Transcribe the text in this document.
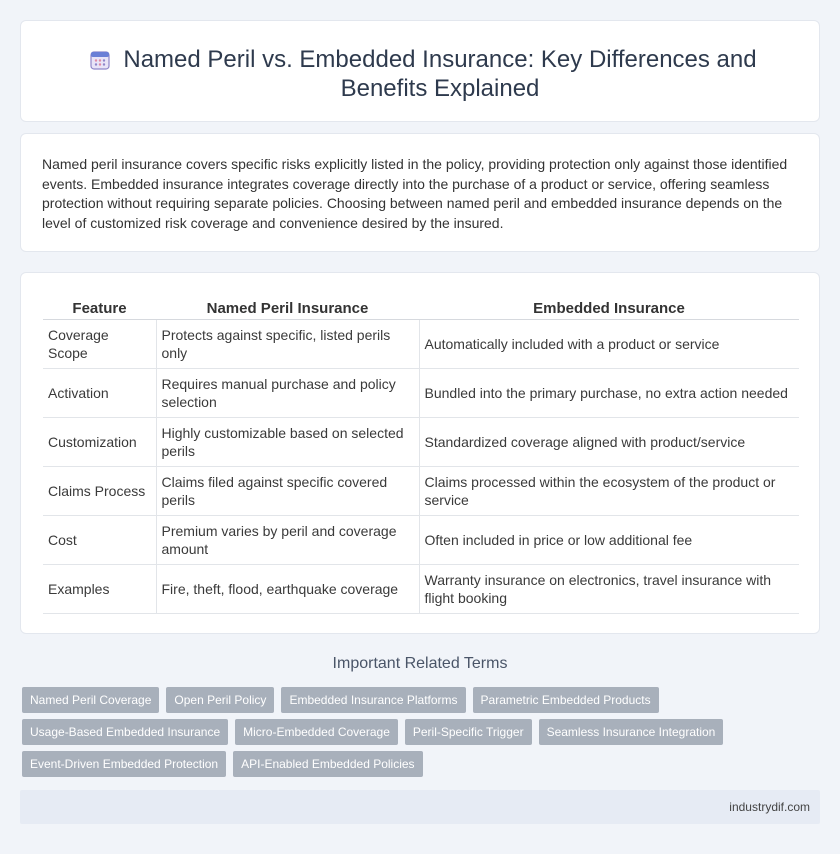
Named Peril vs. Embedded Insurance: Key Differences and Benefits Explained

Named peril insurance covers specific risks explicitly listed in the policy, providing protection only against those identified events. Embedded insurance integrates coverage directly into the purchase of a product or service, offering seamless protection without requiring separate policies. Choosing between named peril and embedded insurance depends on the level of customized risk coverage and convenience desired by the insured.

Feature	Named Peril Insurance	Embedded Insurance
Coverage Scope	Protects against specific, listed perils only	Automatically included with a product or service
Activation	Requires manual purchase and policy selection	Bundled into the primary purchase, no extra action needed
Customization	Highly customizable based on selected perils	Standardized coverage aligned with product/service
Claims Process	Claims filed against specific covered perils	Claims processed within the ecosystem of the product or service
Cost	Premium varies by peril and coverage amount	Often included in price or low additional fee
Examples	Fire, theft, flood, earthquake coverage	Warranty insurance on electronics, travel insurance with flight booking
Important Related Terms
Named Peril Coverage	Open Peril Policy	Embedded Insurance Platforms	Parametric Embedded Products
Usage-Based Embedded Insurance	Micro-Embedded Coverage	Peril-Specific Trigger	Seamless Insurance Integration
Event-Driven Embedded Protection	API-Enabled Embedded Policies
industrydif.com
